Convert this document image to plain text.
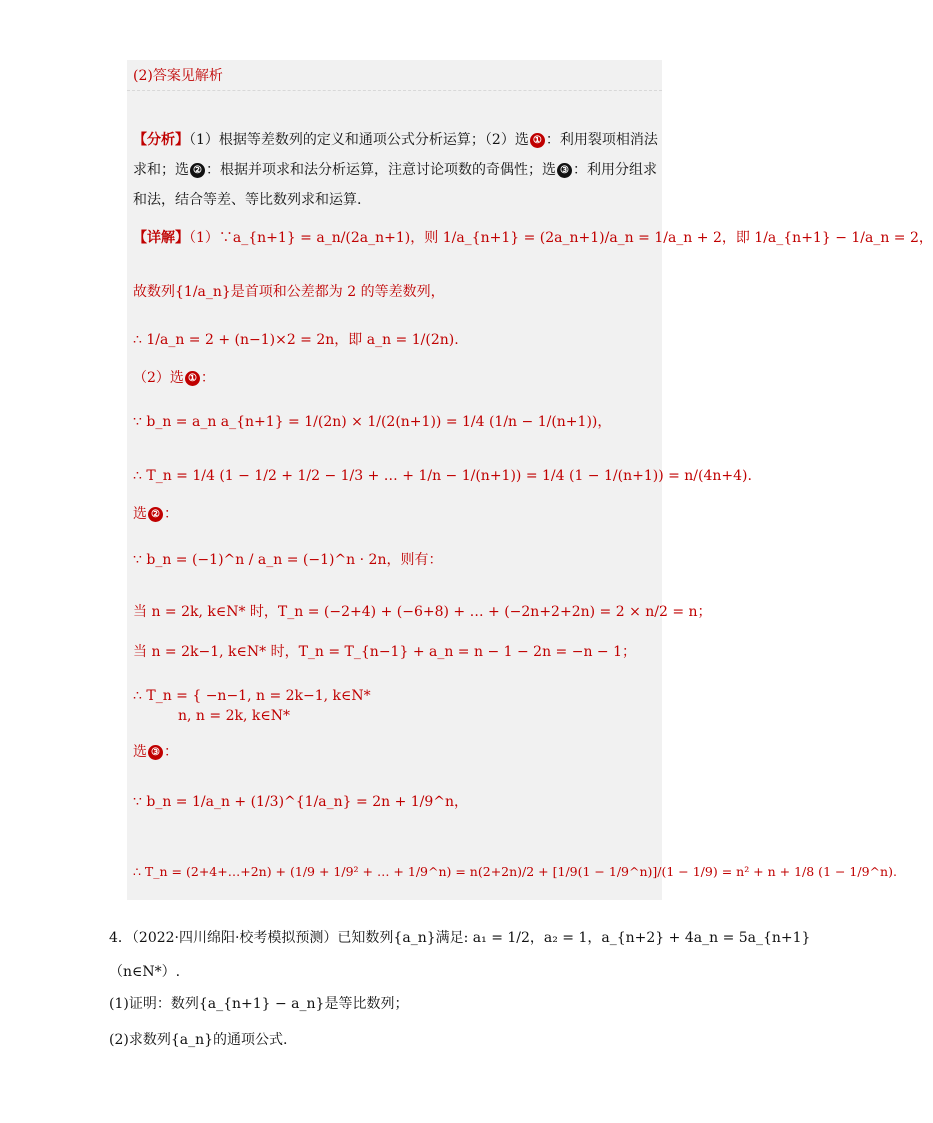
(2)答案见解析
【分析】（1）根据等差数列的定义和通项公式分析运算；（2）选 ① ：利用裂项相消法
求和；选 ② ：根据并项求和法分析运算，注意讨论项数的奇偶性；选 ③ ：利用分组求
和法，结合等差、等比数列求和运算.
【详解】（1）∵a_{n+1} = a_n/(2a_n+1)，则 1/a_{n+1} = (2a_n+1)/a_n = 1/a_n + 2，即 1/a_{n+1} − 1/a_n = 2，
故数列{1/a_n}是首项和公差都为 2 的等差数列，
∴ 1/a_n = 2 + (n−1)×2 = 2n，即 a_n = 1/(2n).
（2）选 ① ：
∵ b_n = a_n a_{n+1} = 1/(2n) × 1/(2(n+1)) = 1/4 (1/n − 1/(n+1))，
∴ T_n = 1/4 (1 − 1/2 + 1/2 − 1/3 + … + 1/n − 1/(n+1)) = 1/4 (1 − 1/(n+1)) = n/(4n+4).
选 ② ：
∵ b_n = (−1)^n / a_n = (−1)^n · 2n，则有：
当 n = 2k, k∈N* 时，T_n = (−2+4) + (−6+8) + … + (−2n+2+2n) = 2 × n/2 = n；
当 n = 2k−1, k∈N* 时，T_n = T_{n−1} + a_n = n − 1 − 2n = −n − 1；
∴ T_n = { −n−1, n = 2k−1, k∈N*
n, n = 2k, k∈N*
选 ③ ：
∵ b_n = 1/a_n + (1/3)^{1/a_n} = 2n + 1/9^n，
∴ T_n = (2+4+…+2n) + (1/9 + 1/9² + … + 1/9^n) = n(2+2n)/2 + [1/9(1 − 1/9^n)]/(1 − 1/9) = n² + n + 1/8 (1 − 1/9^n).
4．（2022·四川绵阳·校考模拟预测）已知数列{a_n}满足: a₁ = 1/2，a₂ = 1，a_{n+2} + 4a_n = 5a_{n+1}
（n∈N*）.
(1)证明：数列{a_{n+1} − a_n}是等比数列；
(2)求数列{a_n}的通项公式.
